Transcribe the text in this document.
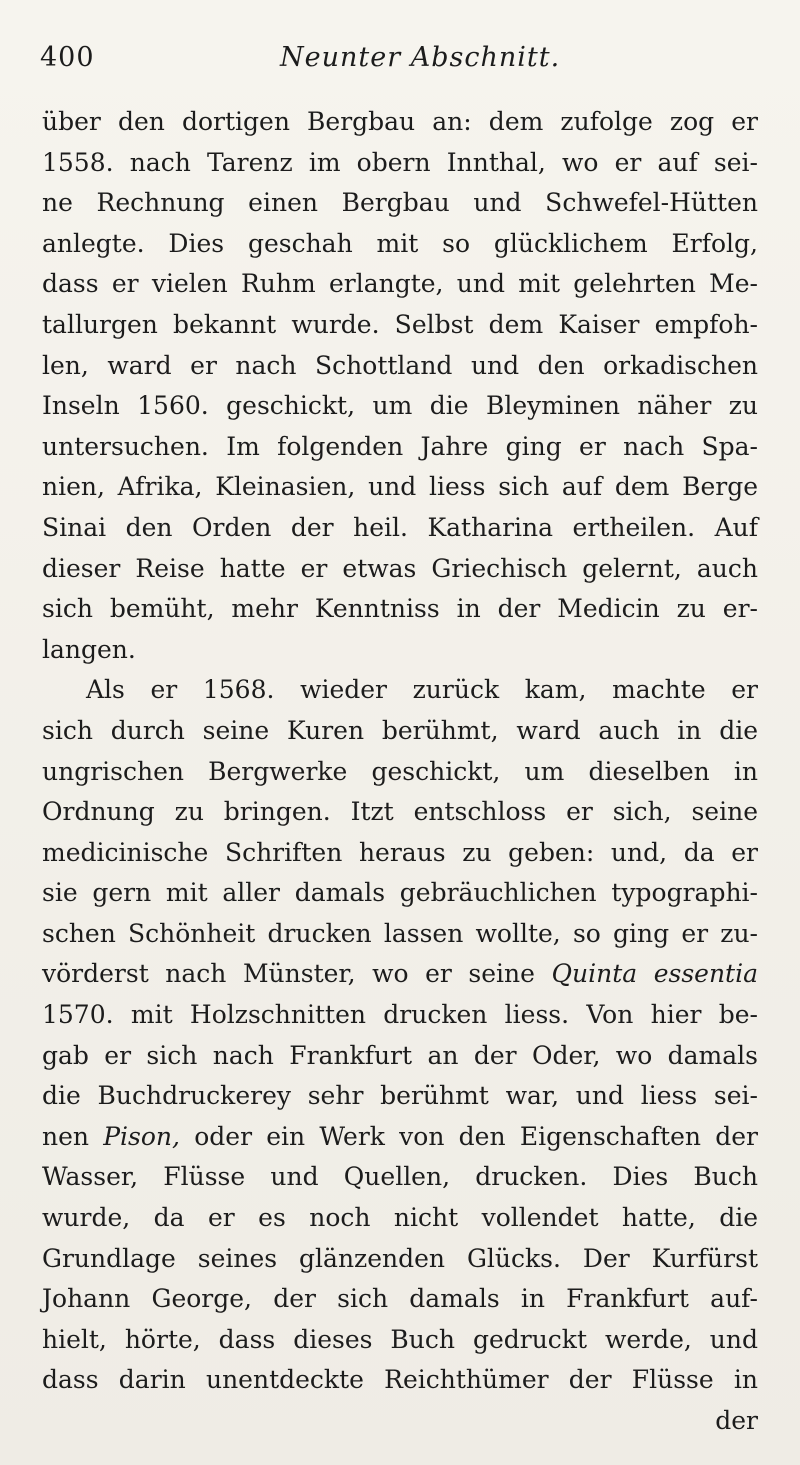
400	Neunter Abschnitt.
über den dortigen Bergbau an: dem zufolge zog er
1558. nach Tarenz im obern Innthal, wo er auf sei-
ne Rechnung einen Bergbau und Schwefel-Hütten
anlegte. Dies geschah mit so glücklichem Erfolg,
dass er vielen Ruhm erlangte, und mit gelehrten Me-
tallurgen bekannt wurde. Selbst dem Kaiser empfoh-
len, ward er nach Schottland und den orkadischen
Inseln 1560. geschickt, um die Bleyminen näher zu
untersuchen. Im folgenden Jahre ging er nach Spa-
nien, Afrika, Kleinasien, und liess sich auf dem Berge
Sinai den Orden der heil. Katharina ertheilen. Auf
dieser Reise hatte er etwas Griechisch gelernt, auch
sich bemüht, mehr Kenntniss in der Medicin zu er-
langen.
Als er 1568. wieder zurück kam, machte er
sich durch seine Kuren berühmt, ward auch in die
ungrischen Bergwerke geschickt, um dieselben in
Ordnung zu bringen. Itzt entschloss er sich, seine
medicinische Schriften heraus zu geben: und, da er
sie gern mit aller damals gebräuchlichen typographi-
schen Schönheit drucken lassen wollte, so ging er zu-
vörderst nach Münster, wo er seine Quinta essentia
1570. mit Holzschnitten drucken liess. Von hier be-
gab er sich nach Frankfurt an der Oder, wo damals
die Buchdruckerey sehr berühmt war, und liess sei-
nen Pison, oder ein Werk von den Eigenschaften der
Wasser, Flüsse und Quellen, drucken. Dies Buch
wurde, da er es noch nicht vollendet hatte, die
Grundlage seines glänzenden Glücks. Der Kurfürst
Johann George, der sich damals in Frankfurt auf-
hielt, hörte, dass dieses Buch gedruckt werde, und
dass darin unentdeckte Reichthümer der Flüsse in
der
